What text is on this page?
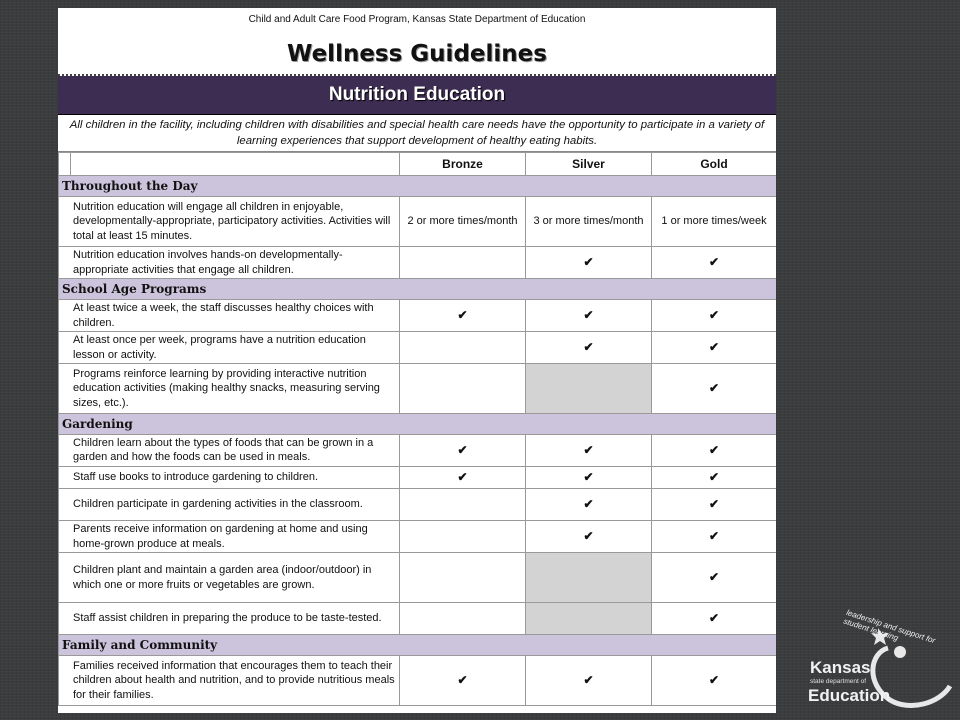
Child and Adult Care Food Program, Kansas State Department of Education
Wellness Guidelines
Nutrition Education
All children in the facility, including children with disabilities and special health care needs have the opportunity to participate in a variety of learning experiences that support development of healthy eating habits.
		Bronze	Silver	Gold
Throughout the Day				
Nutrition education will engage all children in enjoyable, developmentally-appropriate, participatory activities. Activities will total at least 15 minutes.		2 or more times/month	3 or more times/month	1 or more times/week
Nutrition education involves hands-on developmentally-appropriate activities that engage all children.			✔	✔
School Age Programs				
At least twice a week, the staff discusses healthy choices with children.		✔	✔	✔
At least once per week, programs have a nutrition education lesson or activity.			✔	✔
Programs reinforce learning by providing interactive nutrition education activities (making healthy snacks, measuring serving sizes, etc.).				✔
Gardening				

Children learn about the types of foods that can be grown in a garden and how the foods can be used in meals.		✔	✔	✔
Staff use books to introduce gardening to children.		✔	✔	✔
Children participate in gardening activities in the classroom.			✔	✔
Parents receive information on gardening at home and using home-grown produce at meals.			✔	✔
Children plant and maintain a garden area (indoor/outdoor) in which one or more fruits or vegetables are grown.				✔
Staff assist children in preparing the produce to be taste-tested.				✔
Family and Community				
Families received information that encourages them to teach their children about health and nutrition, and to provide nutritious meals for their families.		✔	✔	✔
leadership and support for student learning
Kansas
state department of
Education
